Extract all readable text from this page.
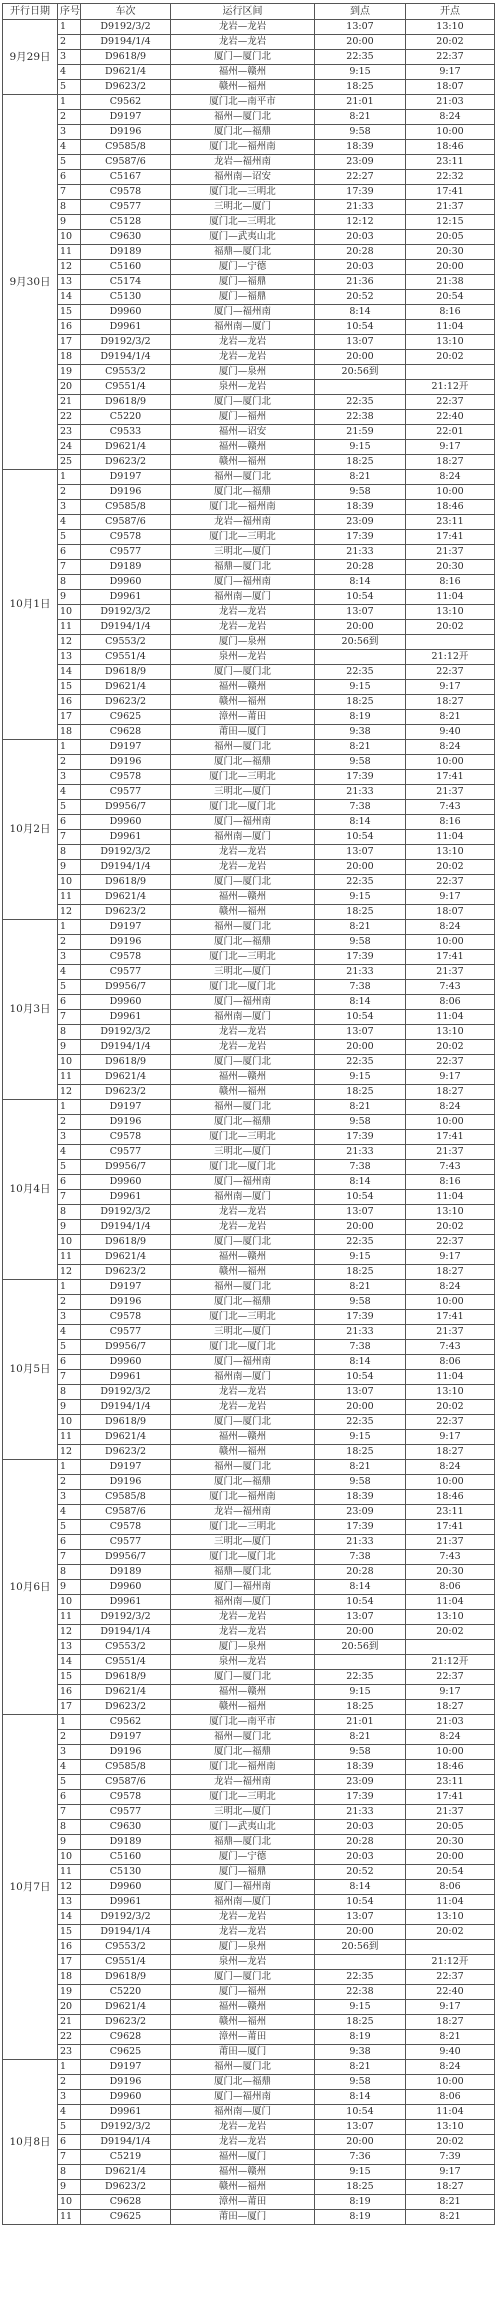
开行日期	序号	车次	运行区间	到点	开点
9月29日	1	D9192/3/2	龙岩—龙岩	13:07	13:10
	2	D9194/1/4	龙岩—龙岩	20:00	20:02
	3	D9618/9	厦门—厦门北	22:35	22:37
	4	D9621/4	福州—赣州	9:15	9:17
	5	D9623/2	赣州—福州	18:25	18:07
9月30日	1	C9562	厦门北—南平市	21:01	21:03
	2	D9197	福州—厦门北	8:21	8:24
	3	D9196	厦门北—福鼎	9:58	10:00
	4	C9585/8	厦门北—福州南	18:39	18:46
	5	C9587/6	龙岩—福州南	23:09	23:11
	6	C5167	福州南—诏安	22:27	22:32
	7	C9578	厦门北—三明北	17:39	17:41
	8	C9577	三明北—厦门	21:33	21:37
	9	C5128	厦门北—三明北	12:12	12:15
	10	C9630	厦门—武夷山北	20:03	20:05
	11	D9189	福鼎—厦门北	20:28	20:30
	12	C5160	厦门—宁德	20:03	20:00
	13	C5174	厦门—福鼎	21:36	21:38
	14	C5130	厦门—福鼎	20:52	20:54
	15	D9960	厦门—福州南	8:14	8:16
	16	D9961	福州南—厦门	10:54	11:04
	17	D9192/3/2	龙岩—龙岩	13:07	13:10
	18	D9194/1/4	龙岩—龙岩	20:00	20:02
	19	C9553/2	厦门—泉州	20:56到	
	20	C9551/4	泉州—龙岩		21:12开
	21	D9618/9	厦门—厦门北	22:35	22:37
	22	C5220	厦门—福州	22:38	22:40
	23	C9533	福州—诏安	21:59	22:01
	24	D9621/4	福州—赣州	9:15	9:17
	25	D9623/2	赣州—福州	18:25	18:27
10月1日	1	D9197	福州—厦门北	8:21	8:24
	2	D9196	厦门北—福鼎	9:58	10:00
	3	C9585/8	厦门北—福州南	18:39	18:46
	4	C9587/6	龙岩—福州南	23:09	23:11
	5	C9578	厦门北—三明北	17:39	17:41
	6	C9577	三明北—厦门	21:33	21:37
	7	D9189	福鼎—厦门北	20:28	20:30
	8	D9960	厦门—福州南	8:14	8:16
	9	D9961	福州南—厦门	10:54	11:04
	10	D9192/3/2	龙岩—龙岩	13:07	13:10
	11	D9194/1/4	龙岩—龙岩	20:00	20:02
	12	C9553/2	厦门—泉州	20:56到	
	13	C9551/4	泉州—龙岩		21:12开
	14	D9618/9	厦门—厦门北	22:35	22:37
	15	D9621/4	福州—赣州	9:15	9:17
	16	D9623/2	赣州—福州	18:25	18:27
	17	C9625	漳州—莆田	8:19	8:21
	18	C9628	莆田—厦门	9:38	9:40
10月2日	1	D9197	福州—厦门北	8:21	8:24
	2	D9196	厦门北—福鼎	9:58	10:00
	3	C9578	厦门北—三明北	17:39	17:41
	4	C9577	三明北—厦门	21:33	21:37
	5	D9956/7	厦门北—厦门北	7:38	7:43
	6	D9960	厦门—福州南	8:14	8:16
	7	D9961	福州南—厦门	10:54	11:04
	8	D9192/3/2	龙岩—龙岩	13:07	13:10
	9	D9194/1/4	龙岩—龙岩	20:00	20:02
	10	D9618/9	厦门—厦门北	22:35	22:37
	11	D9621/4	福州—赣州	9:15	9:17
	12	D9623/2	赣州—福州	18:25	18:07
10月3日	1	D9197	福州—厦门北	8:21	8:24
	2	D9196	厦门北—福鼎	9:58	10:00
	3	C9578	厦门北—三明北	17:39	17:41
	4	C9577	三明北—厦门	21:33	21:37
	5	D9956/7	厦门北—厦门北	7:38	7:43
	6	D9960	厦门—福州南	8:14	8:06
	7	D9961	福州南—厦门	10:54	11:04
	8	D9192/3/2	龙岩—龙岩	13:07	13:10
	9	D9194/1/4	龙岩—龙岩	20:00	20:02
	10	D9618/9	厦门—厦门北	22:35	22:37
	11	D9621/4	福州—赣州	9:15	9:17
	12	D9623/2	赣州—福州	18:25	18:27
10月4日	1	D9197	福州—厦门北	8:21	8:24
	2	D9196	厦门北—福鼎	9:58	10:00
	3	C9578	厦门北—三明北	17:39	17:41
	4	C9577	三明北—厦门	21:33	21:37
	5	D9956/7	厦门北—厦门北	7:38	7:43
	6	D9960	厦门—福州南	8:14	8:16
	7	D9961	福州南—厦门	10:54	11:04
	8	D9192/3/2	龙岩—龙岩	13:07	13:10
	9	D9194/1/4	龙岩—龙岩	20:00	20:02
	10	D9618/9	厦门—厦门北	22:35	22:37
	11	D9621/4	福州—赣州	9:15	9:17
	12	D9623/2	赣州—福州	18:25	18:27
10月5日	1	D9197	福州—厦门北	8:21	8:24
	2	D9196	厦门北—福鼎	9:58	10:00
	3	C9578	厦门北—三明北	17:39	17:41
	4	C9577	三明北—厦门	21:33	21:37
	5	D9956/7	厦门北—厦门北	7:38	7:43
	6	D9960	厦门—福州南	8:14	8:06
	7	D9961	福州南—厦门	10:54	11:04
	8	D9192/3/2	龙岩—龙岩	13:07	13:10
	9	D9194/1/4	龙岩—龙岩	20:00	20:02
	10	D9618/9	厦门—厦门北	22:35	22:37
	11	D9621/4	福州—赣州	9:15	9:17
	12	D9623/2	赣州—福州	18:25	18:27
10月6日	1	D9197	福州—厦门北	8:21	8:24
	2	D9196	厦门北—福鼎	9:58	10:00
	3	C9585/8	厦门北—福州南	18:39	18:46
	4	C9587/6	龙岩—福州南	23:09	23:11
	5	C9578	厦门北—三明北	17:39	17:41
	6	C9577	三明北—厦门	21:33	21:37
	7	D9956/7	厦门北—厦门北	7:38	7:43
	8	D9189	福鼎—厦门北	20:28	20:30
	9	D9960	厦门—福州南	8:14	8:06
	10	D9961	福州南—厦门	10:54	11:04
	11	D9192/3/2	龙岩—龙岩	13:07	13:10
	12	D9194/1/4	龙岩—龙岩	20:00	20:02
	13	C9553/2	厦门—泉州	20:56到	
	14	C9551/4	泉州—龙岩		21:12开
	15	D9618/9	厦门—厦门北	22:35	22:37
	16	D9621/4	福州—赣州	9:15	9:17
	17	D9623/2	赣州—福州	18:25	18:27
10月7日	1	C9562	厦门北—南平市	21:01	21:03
	2	D9197	福州—厦门北	8:21	8:24
	3	D9196	厦门北—福鼎	9:58	10:00
	4	C9585/8	厦门北—福州南	18:39	18:46
	5	C9587/6	龙岩—福州南	23:09	23:11
	6	C9578	厦门北—三明北	17:39	17:41
	7	C9577	三明北—厦门	21:33	21:37
	8	C9630	厦门—武夷山北	20:03	20:05
	9	D9189	福鼎—厦门北	20:28	20:30
	10	C5160	厦门—宁德	20:03	20:00
	11	C5130	厦门—福鼎	20:52	20:54
	12	D9960	厦门—福州南	8:14	8:06
	13	D9961	福州南—厦门	10:54	11:04
	14	D9192/3/2	龙岩—龙岩	13:07	13:10
	15	D9194/1/4	龙岩—龙岩	20:00	20:02
	16	C9553/2	厦门—泉州	20:56到	
	17	C9551/4	泉州—龙岩		21:12开
	18	D9618/9	厦门—厦门北	22:35	22:37
	19	C5220	厦门—福州	22:38	22:40
	20	D9621/4	福州—赣州	9:15	9:17
	21	D9623/2	赣州—福州	18:25	18:27
	22	C9628	漳州—莆田	8:19	8:21
	23	C9625	莆田—厦门	9:38	9:40
10月8日	1	D9197	福州—厦门北	8:21	8:24
	2	D9196	厦门北—福鼎	9:58	10:00
	3	D9960	厦门—福州南	8:14	8:06
	4	D9961	福州南—厦门	10:54	11:04
	5	D9192/3/2	龙岩—龙岩	13:07	13:10
	6	D9194/1/4	龙岩—龙岩	20:00	20:02
	7	C5219	福州—厦门	7:36	7:39
	8	D9621/4	福州—赣州	9:15	9:17
	9	D9623/2	赣州—福州	18:25	18:27
	10	C9628	漳州—莆田	8:19	8:21
	11	C9625	莆田—厦门	8:19	8:21
